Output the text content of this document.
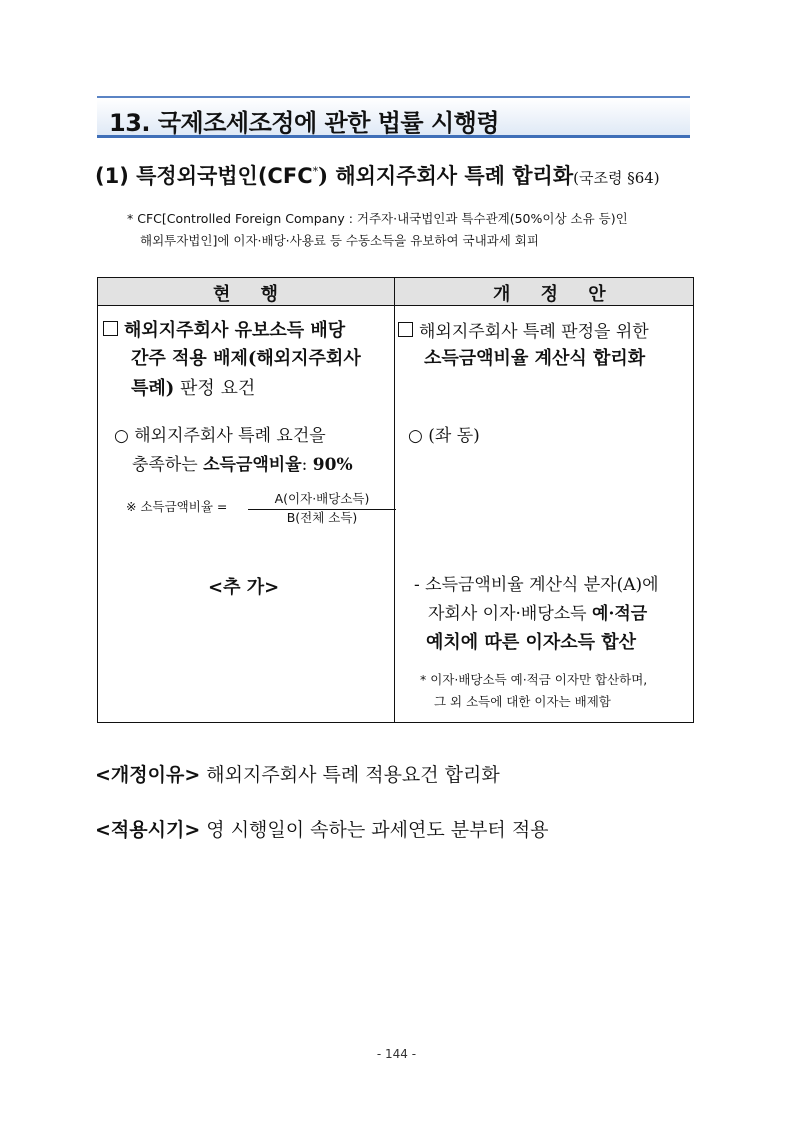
13. 국제조세조정에 관한 법률 시행령
(1) 특정외국법인(CFC*) 해외지주회사 특례 합리화(국조령 §64)
* CFC[Controlled Foreign Company : 거주자·내국법인과 특수관계(50%이상 소유 등)인
해외투자법인]에 이자·배당·사용료 등 수동소득을 유보하여 국내과세 회피
현 행	개 정 안
해외지주회사 유보소득 배당
간주 적용 배제(해외지주회사
특례) 판정 요건
○ 해외지주회사 특례 요건을
충족하는 소득금액비율: 90%
※ 소득금액비율 =
A(이자·배당소득)
B(전체 소득)
<추 가>
해외지주회사 특례 판정을 위한
소득금액비율 계산식 합리화
○ (좌 동)
- 소득금액비율 계산식 분자(A)에
자회사 이자·배당소득 예·적금
예치에 따른 이자소득 합산
* 이자·배당소득 예·적금 이자만 합산하며,
그 외 소득에 대한 이자는 배제함
<개정이유> 해외지주회사 특례 적용요건 합리화
<적용시기> 영 시행일이 속하는 과세연도 분부터 적용
- 144 -
